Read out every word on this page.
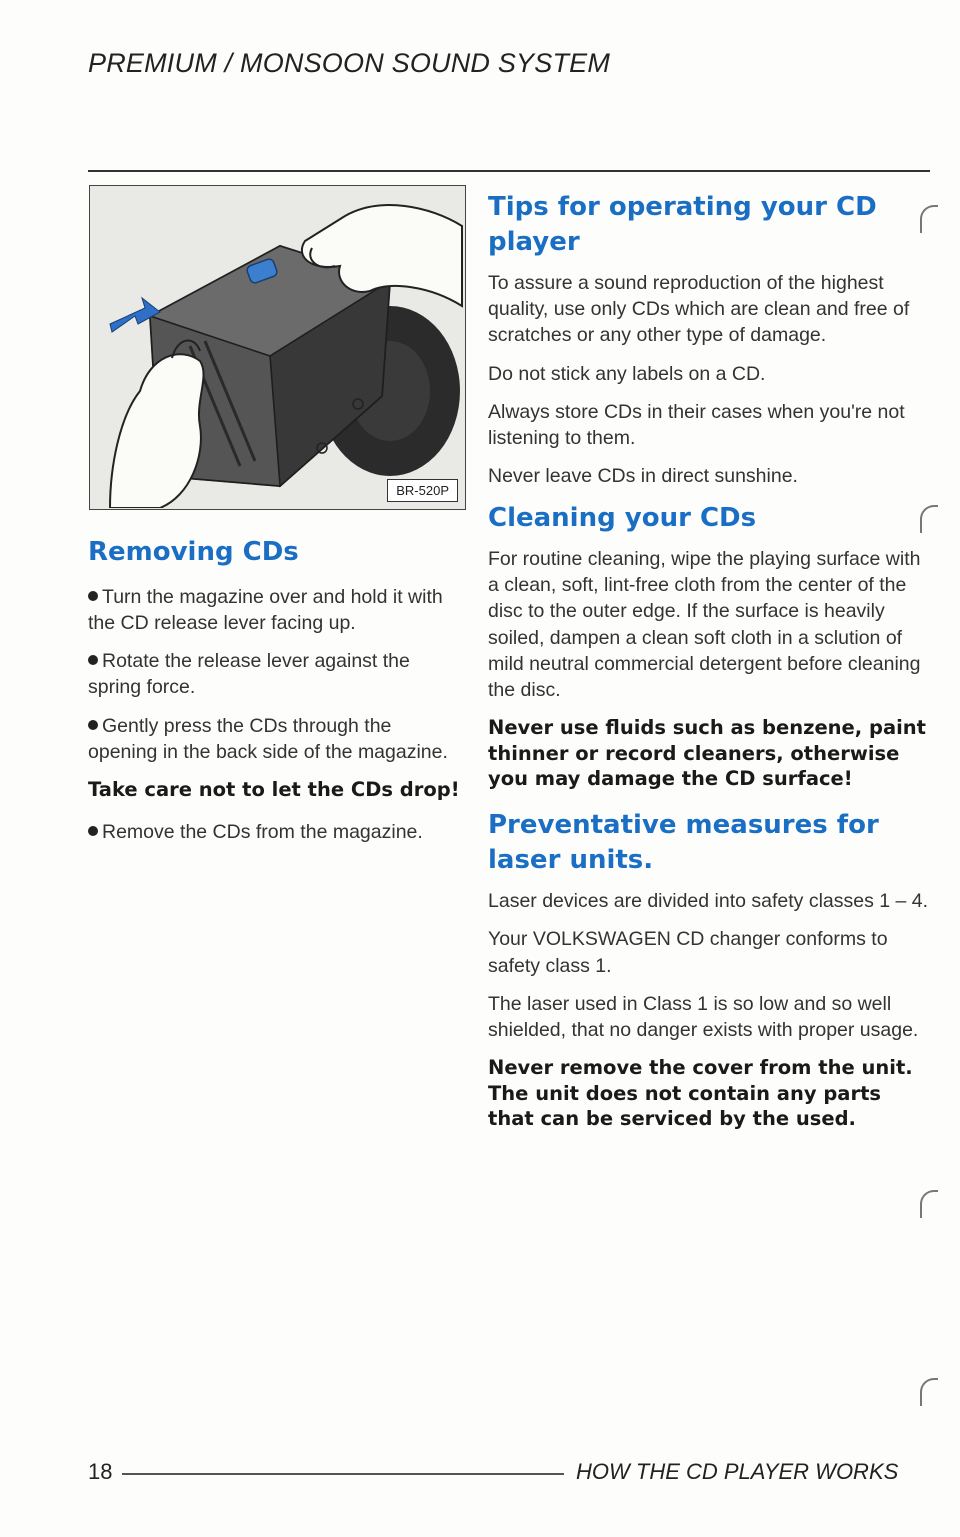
PREMIUM / MONSOON SOUND SYSTEM
BR-520P
Removing CDs

Turn the magazine over and hold it with the CD release lever facing up.

Rotate the release lever against the spring force.

Gently press the CDs through the opening in the back side of the magazine.

Take care not to let the CDs drop!

Remove the CDs from the magazine.

Tips for operating your CD player

To assure a sound reproduction of the highest quality, use only CDs which are clean and free of scratches or any other type of damage.

Do not stick any labels on a CD.

Always store CDs in their cases when you're not listening to them.

Never leave CDs in direct sunshine.

Cleaning your CDs

For routine cleaning, wipe the playing surface with a clean, soft, lint-free cloth from the center of the disc to the outer edge. If the surface is heavily soiled, dampen a clean soft cloth in a sclution of mild neutral commercial detergent before cleaning the disc.

Never use fluids such as benzene, paint thinner or record cleaners, otherwise you may damage the CD surface!
Preventative measures for laser units.

Laser devices are divided into safety classes 1 – 4.

Your VOLKSWAGEN CD changer conforms to safety class 1.

The laser used in Class 1 is so low and so well shielded, that no danger exists with proper usage.

Never remove the cover from the unit. The unit does not contain any parts that can be serviced by the used.
18	HOW THE CD PLAYER WORKS
